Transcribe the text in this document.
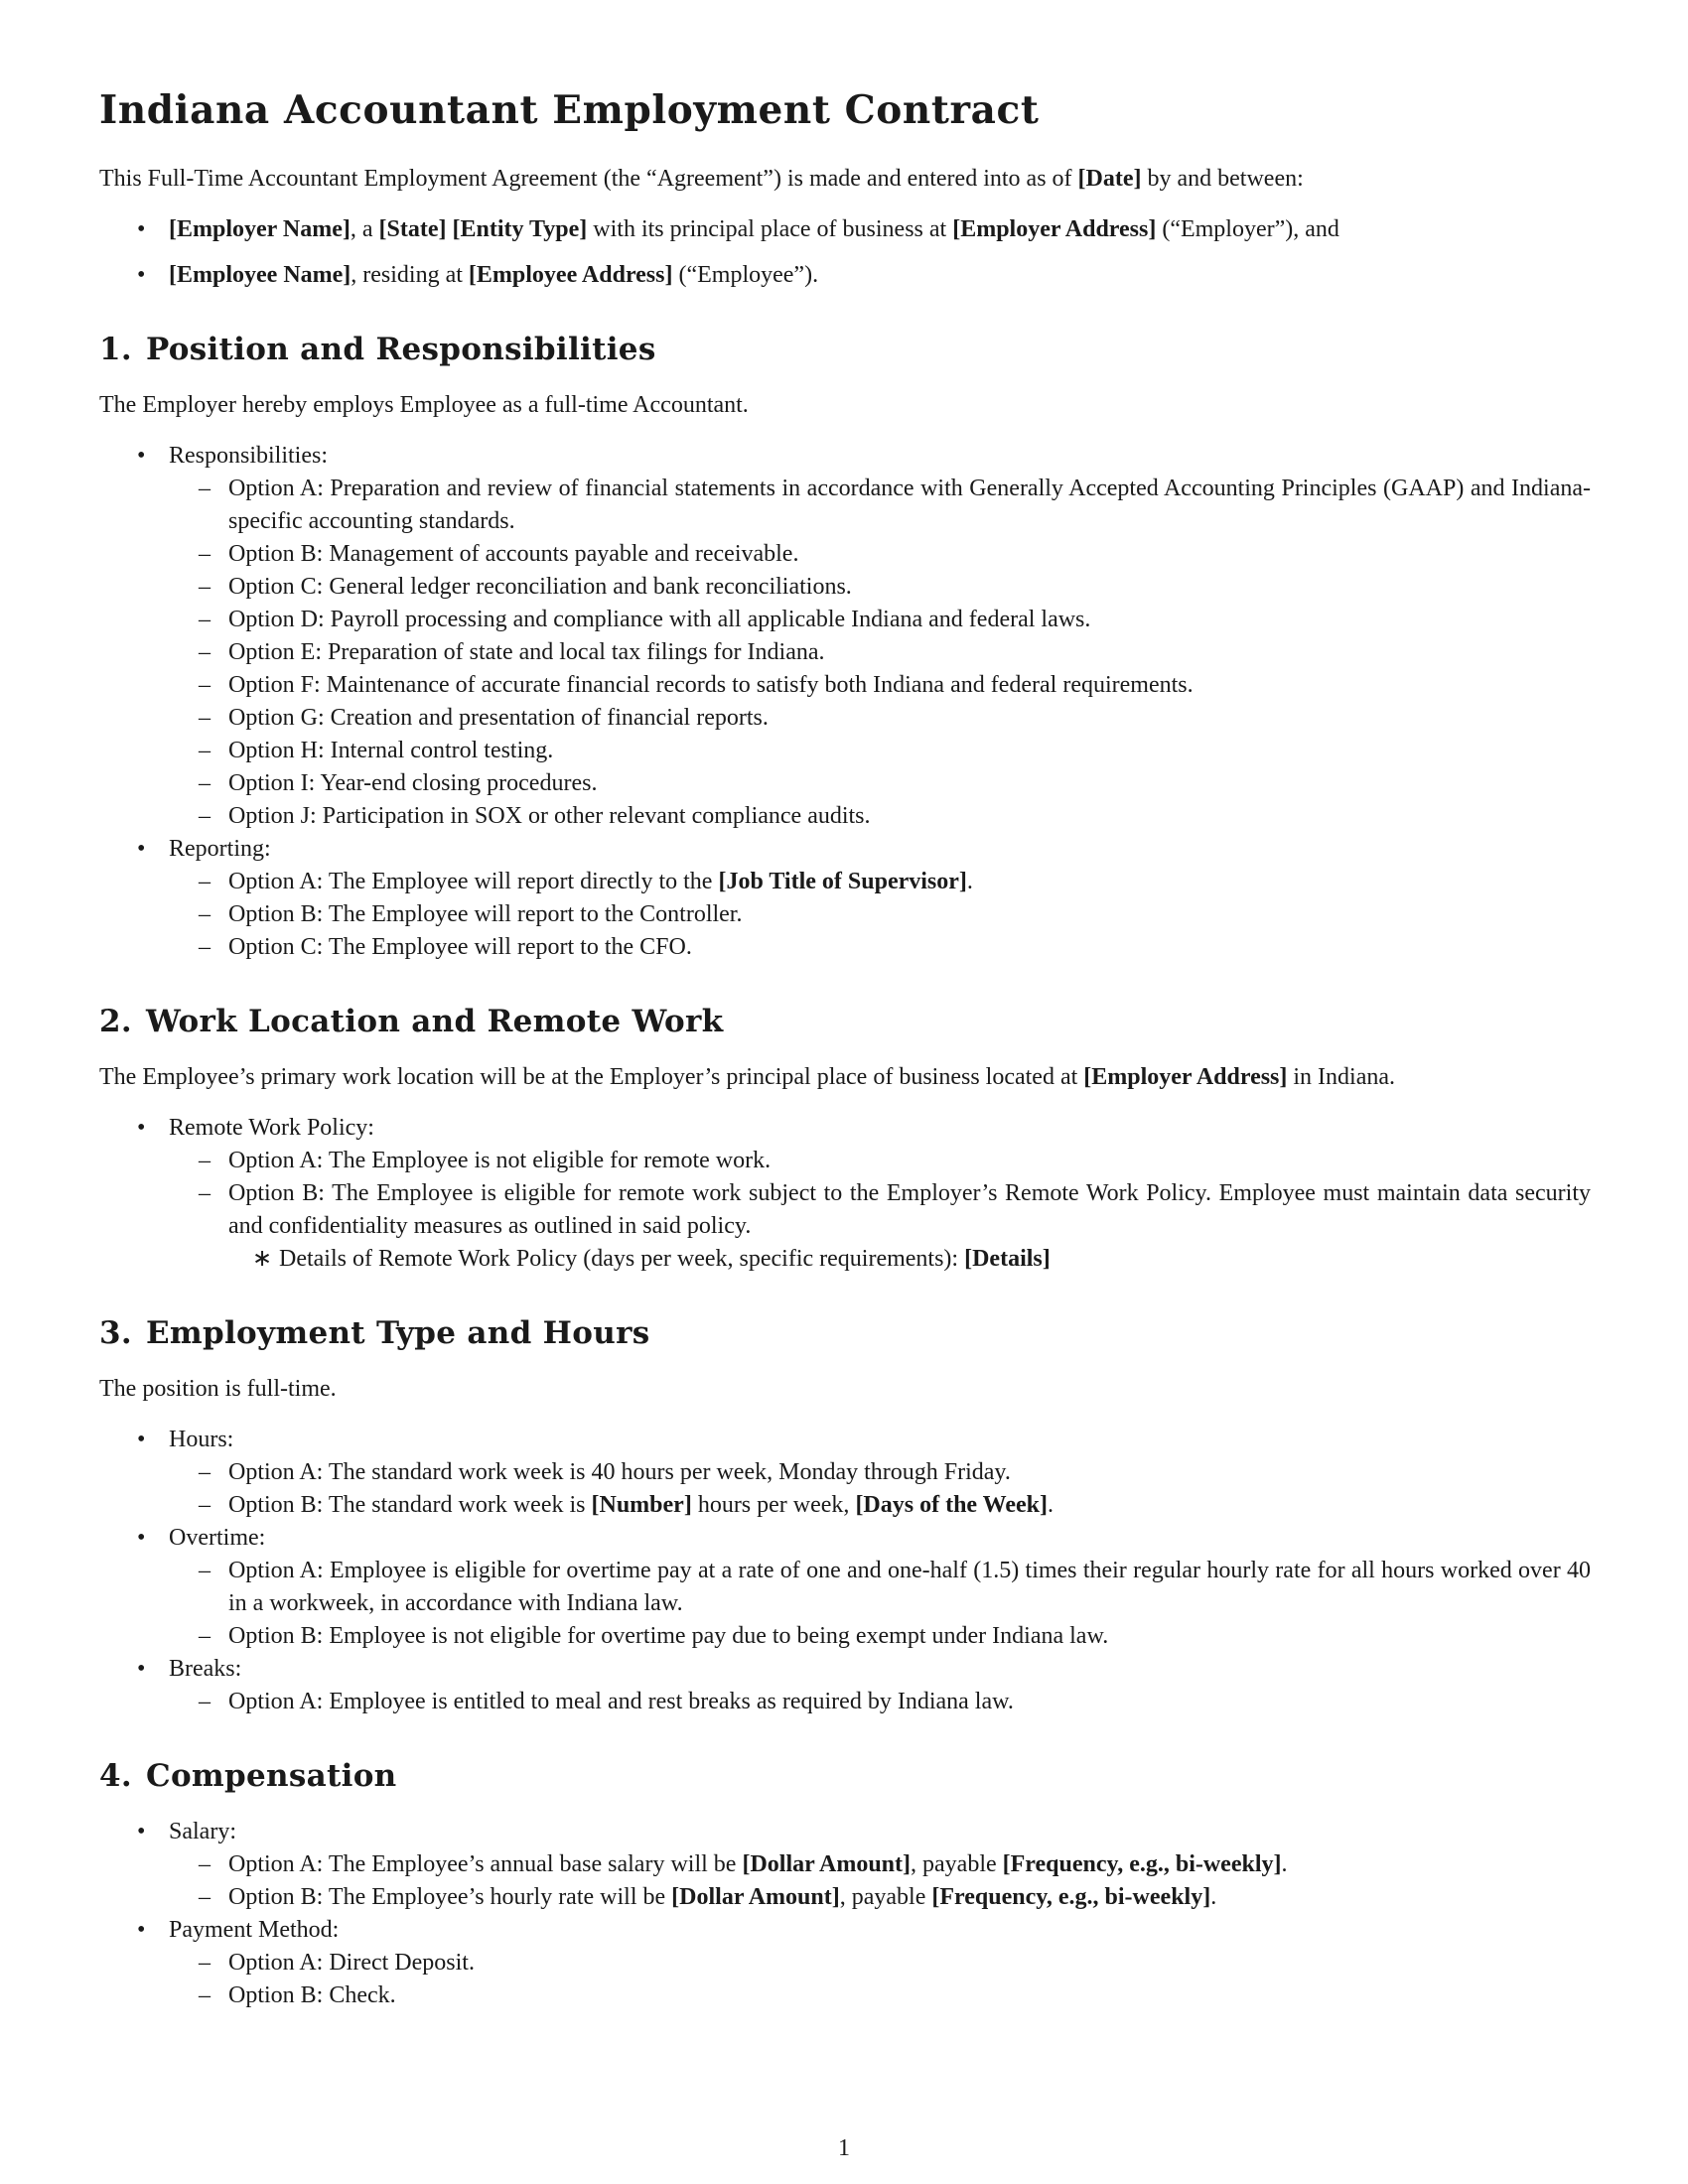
Indiana Accountant Employment Contract

This Full-Time Accountant Employment Agreement (the “Agreement”) is made and entered into as of [Date] by and between:

• [Employer Name], a [State] [Entity Type] with its principal place of business at [Employer Address] (“Employer”), and
• [Employee Name], residing at [Employee Address] (“Employee”).
1. Position and Responsibilities

The Employer hereby employs Employee as a full-time Accountant.

• Responsibilities:
– Option A: Preparation and review of financial statements in accordance with Generally Accepted Accounting Principles (GAAP) and Indiana-specific accounting standards.
– Option B: Management of accounts payable and receivable.
– Option C: General ledger reconciliation and bank reconciliations.
– Option D: Payroll processing and compliance with all applicable Indiana and federal laws.
– Option E: Preparation of state and local tax filings for Indiana.
– Option F: Maintenance of accurate financial records to satisfy both Indiana and federal requirements.
– Option G: Creation and presentation of financial reports.
– Option H: Internal control testing.
– Option I: Year-end closing procedures.
– Option J: Participation in SOX or other relevant compliance audits.
• Reporting:
– Option A: The Employee will report directly to the [Job Title of Supervisor].
– Option B: The Employee will report to the Controller.
– Option C: The Employee will report to the CFO.
2. Work Location and Remote Work

The Employee’s primary work location will be at the Employer’s principal place of business located at [Employer Address] in Indiana.

• Remote Work Policy:
– Option A: The Employee is not eligible for remote work.
– Option B: The Employee is eligible for remote work subject to the Employer’s Remote Work Policy. Employee must maintain data security and confidentiality measures as outlined in said policy.
∗ Details of Remote Work Policy (days per week, specific requirements): [Details]
3. Employment Type and Hours

The position is full-time.

• Hours:
– Option A: The standard work week is 40 hours per week, Monday through Friday.
– Option B: The standard work week is [Number] hours per week, [Days of the Week].
• Overtime:
– Option A: Employee is eligible for overtime pay at a rate of one and one-half (1.5) times their regular hourly rate for all hours worked over 40 in a workweek, in accordance with Indiana law.
– Option B: Employee is not eligible for overtime pay due to being exempt under Indiana law.
• Breaks:
– Option A: Employee is entitled to meal and rest breaks as required by Indiana law.
4. Compensation
• Salary:
– Option A: The Employee’s annual base salary will be [Dollar Amount], payable [Frequency, e.g., bi-weekly].
– Option B: The Employee’s hourly rate will be [Dollar Amount], payable [Frequency, e.g., bi-weekly].
• Payment Method:
– Option A: Direct Deposit.
– Option B: Check.
1
